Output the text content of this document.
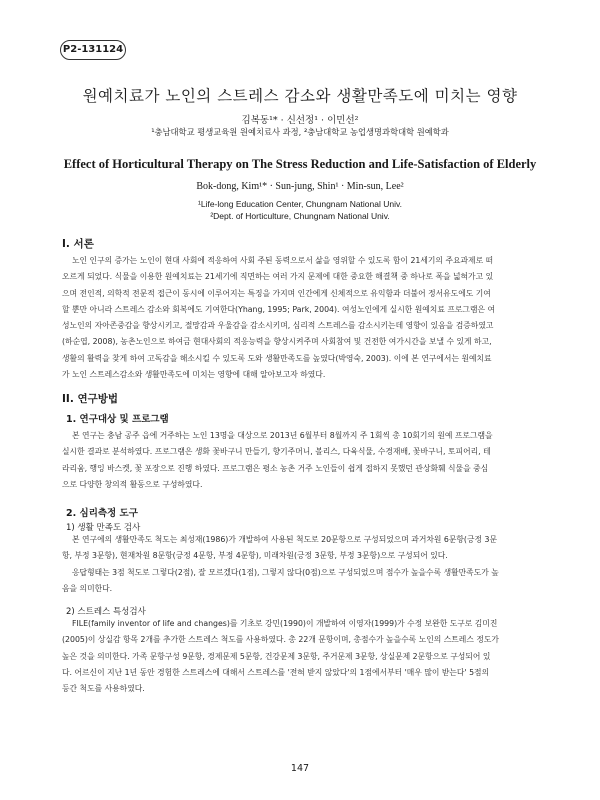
P2-131124
원예치료가 노인의 스트레스 감소와 생활만족도에 미치는 영향
김복동¹* · 신선정¹ · 이민선²
¹충남대학교 평생교육원 원예치료사 과정, ²충남대학교 농업생명과학대학 원예학과
Effect of Horticultural Therapy on The Stress Reduction and Life-Satisfaction of Elderly
Bok-dong, Kim¹* · Sun-jung, Shin¹ · Min-sun, Lee²
¹Life-long Education Center, Chungnam National Univ.
²Dept. of Horticulture, Chungnam National Univ.
I. 서론
노인 인구의 증가는 노인이 현대 사회에 적응하여 사회 주된 동력으로서 삶을 영위할 수 있도록 함이 21세기의 주요과제로 떠
오르게 되었다. 식물을 이용한 원예치료는 21세기에 직면하는 여러 가지 문제에 대한 중요한 해결책 중 하나로 폭을 넓혀가고 있
으며 전인적, 의학적 전문적 접근이 동시에 이루어지는 특징을 가지며 인간에게 신체적으로 유익함과 더불어 정서유도에도 기여
할 뿐만 아니라 스트레스 감소와 회복에도 기여한다(Yhang, 1995; Park, 2004). 여성노인에게 실시한 원예치료 프로그램은 여
성노인의 자아존중감을 향상시키고, 절망감과 우울감을 감소시키며, 심리적 스트레스를 감소시키는데 영향이 있음을 검증하였고
(하순엽, 2008), 농촌노인으로 하여금 현대사회의 적응능력을 향상시켜주며 사회참여 및 건전한 여가시간을 보낼 수 있게 하고,
생활의 활력을 찾게 하여 고독감을 해소시킬 수 있도록 도와 생활만족도를 높였다(박영숙, 2003). 이에 본 연구에서는 원예치료
가 노인 스트레스감소와 생활만족도에 미치는 영향에 대해 알아보고자 하였다.
II. 연구방법
1. 연구대상 및 프로그램
본 연구는 충남 공주 읍에 거주하는 노인 13명을 대상으로 2013년 6월부터 8월까지 주 1회씩 총 10회기의 원예 프로그램을
실시한 결과로 분석하였다. 프로그램은 생화 꽃바구니 만들기, 향기주머니, 볼리스, 다육식물, 수경재배, 꽃바구니, 토피어리, 테
라리움, 행잉 바스켓, 꽃 포장으로 진행 하였다. 프로그램은 평소 농촌 거주 노인들이 쉽게 접하지 못했던 관상화훼 식물을 중심
으로 다양한 창의적 활동으로 구성하였다.
2. 심리측정 도구
1) 생활 만족도 검사
본 연구에의 생활만족도 척도는 최성재(1986)가 개발하여 사용된 척도로 20문항으로 구성되었으며 과거차원 6문항(긍정 3문
항, 부정 3문항), 현재차원 8문항(긍정 4문항, 부정 4문항), 미래차원(긍정 3문항, 부정 3문항)으로 구성되어 있다.
응답형태는 3점 척도로 그렇다(2점), 잘 모르겠다(1점), 그렇지 않다(0점)으로 구성되었으며 점수가 높을수록 생활만족도가 높
음을 의미한다.
2) 스트레스 특성검사
FILE(family inventor of life and changes)를 기초로 강민(1990)이 개발하여 이영자(1999)가 수정 보완한 도구로 김미진
(2005)이 상실감 항목 2개를 추가한 스트레스 척도를 사용하였다. 총 22개 문항이며, 총점수가 높을수록 노인의 스트레스 정도가
높은 것을 의미한다. 가족 문항구성 9문항, 경제문제 5문항, 건강문제 3문항, 주거문제 3문항, 상실문제 2문항으로 구성되어 있
다. 어르신이 지난 1년 동안 경험한 스트레스에 대해서 스트레스를 '전혀 받지 않았다'의 1점에서부터 '매우 많이 받는다' 5점의
등간 척도를 사용하였다.
147
